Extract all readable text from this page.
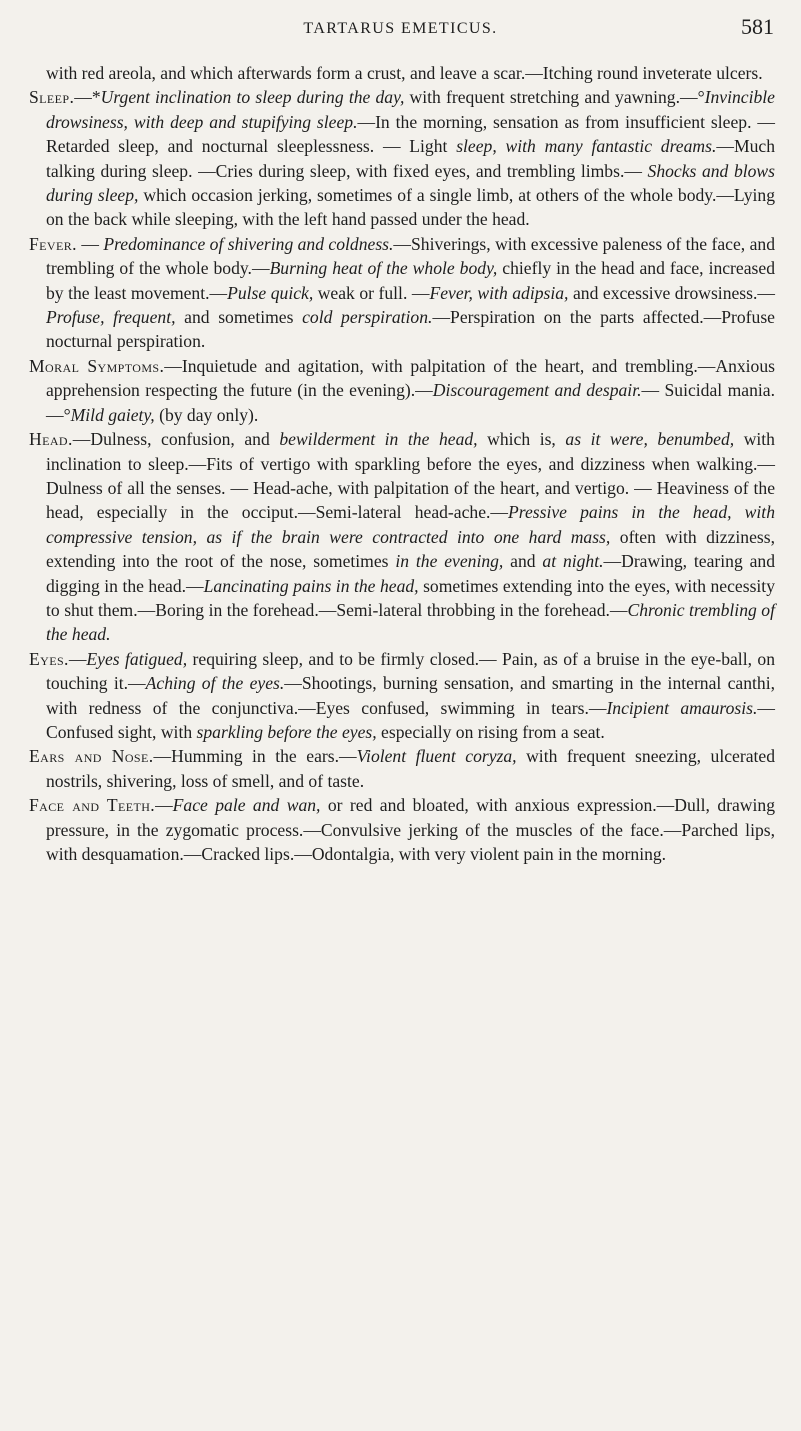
TARTARUS EMETICUS.	581

with red areola, and which afterwards form a crust, and leave a scar.—Itching round inveterate ulcers.

Sleep.—*Urgent inclination to sleep during the day, with frequent stretching and yawning.—°Invincible drowsiness, with deep and stupifying sleep.—In the morning, sensation as from insufficient sleep. — Retarded sleep, and nocturnal sleeplessness. — Light sleep, with many fantastic dreams.—Much talking during sleep. —Cries during sleep, with fixed eyes, and trembling limbs.— Shocks and blows during sleep, which occasion jerking, sometimes of a single limb, at others of the whole body.—Lying on the back while sleeping, with the left hand passed under the head.

Fever. — Predominance of shivering and coldness.—Shiverings, with excessive paleness of the face, and trembling of the whole body.—Burning heat of the whole body, chiefly in the head and face, increased by the least movement.—Pulse quick, weak or full. —Fever, with adipsia, and excessive drowsiness.—Profuse, frequent, and sometimes cold perspiration.—Perspiration on the parts affected.—Profuse nocturnal perspiration.

Moral Symptoms.—Inquietude and agitation, with palpitation of the heart, and trembling.—Anxious apprehension respecting the future (in the evening).—Discouragement and despair.— Suicidal mania.—°Mild gaiety, (by day only).

Head.—Dulness, confusion, and bewilderment in the head, which is, as it were, benumbed, with inclination to sleep.—Fits of vertigo with sparkling before the eyes, and dizziness when walking.— Dulness of all the senses. — Head-ache, with palpitation of the heart, and vertigo. — Heaviness of the head, especially in the occiput.—Semi-lateral head-ache.—Pressive pains in the head, with compressive tension, as if the brain were contracted into one hard mass, often with dizziness, extending into the root of the nose, sometimes in the evening, and at night.—Drawing, tearing and digging in the head.—Lancinating pains in the head, sometimes extending into the eyes, with necessity to shut them.—Boring in the forehead.—Semi-lateral throbbing in the forehead.—Chronic trembling of the head.

Eyes.—Eyes fatigued, requiring sleep, and to be firmly closed.— Pain, as of a bruise in the eye-ball, on touching it.—Aching of the eyes.—Shootings, burning sensation, and smarting in the internal canthi, with redness of the conjunctiva.—Eyes confused, swimming in tears.—Incipient amaurosis.—Confused sight, with sparkling before the eyes, especially on rising from a seat.

Ears and Nose.—Humming in the ears.—Violent fluent coryza, with frequent sneezing, ulcerated nostrils, shivering, loss of smell, and of taste.

Face and Teeth.—Face pale and wan, or red and bloated, with anxious expression.—Dull, drawing pressure, in the zygomatic process.—Convulsive jerking of the muscles of the face.—Parched lips, with desquamation.—Cracked lips.—Odontalgia, with very violent pain in the morning.
